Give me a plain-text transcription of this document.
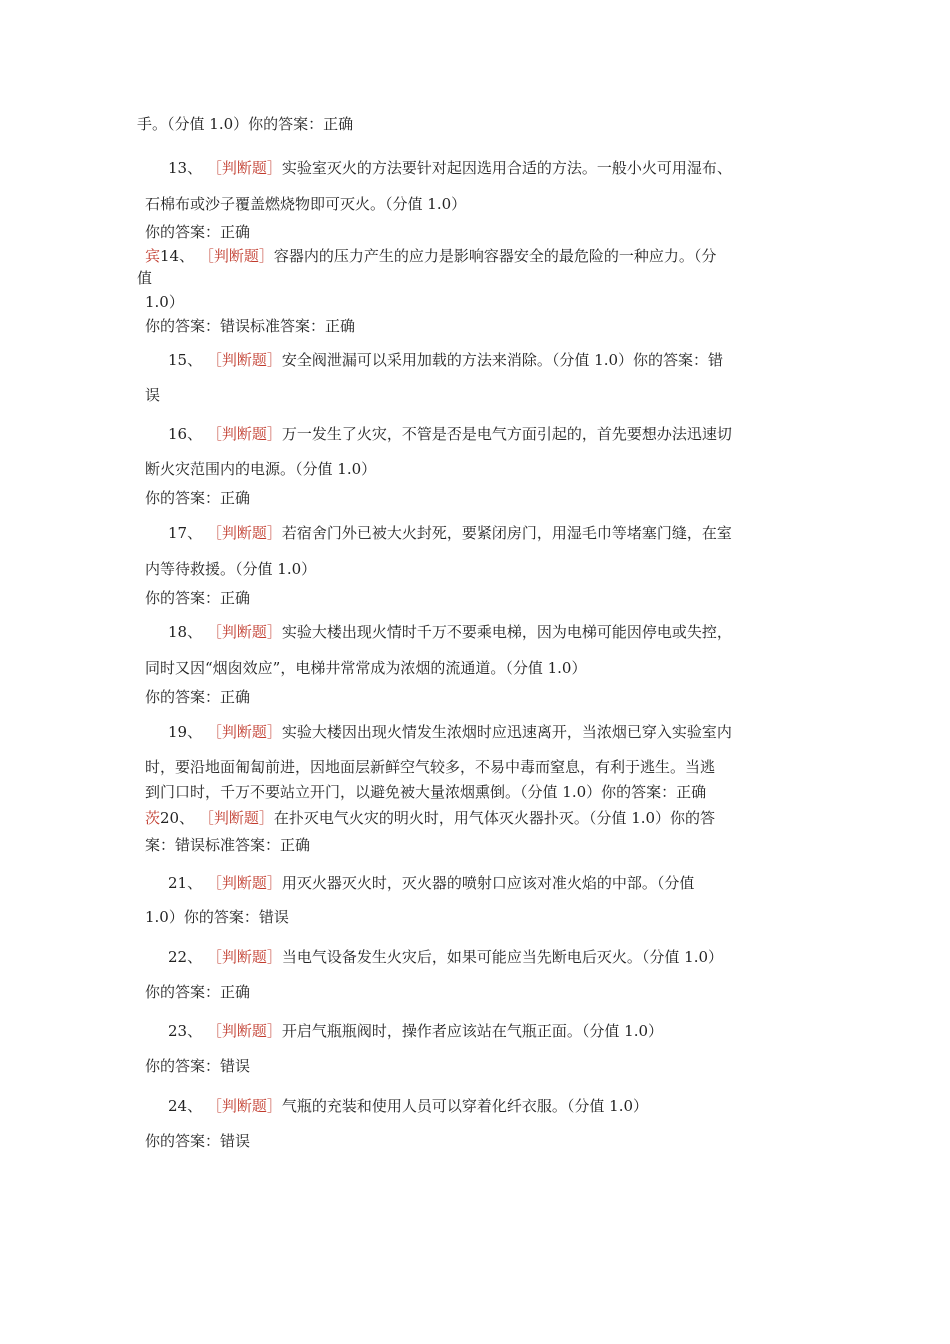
手。（分值 1.0）你的答案：正确
13、 ［判断题］实验室灭火的方法要针对起因选用合适的方法。一般小火可用湿布、
石棉布或沙子覆盖燃烧物即可灭火。（分值 1.0）
你的答案：正确
宾14、 ［判断题］容器内的压力产生的应力是影响容器安全的最危险的一种应力。（分
值
1.0）
你的答案：错误标准答案：正确
15、 ［判断题］安全阀泄漏可以采用加载的方法来消除。（分值 1.0）你的答案：错
误
16、 ［判断题］万一发生了火灾，不管是否是电气方面引起的，首先要想办法迅速切
断火灾范围内的电源。（分值 1.0）
你的答案：正确
17、 ［判断题］若宿舍门外已被大火封死，要紧闭房门，用湿毛巾等堵塞门缝，在室
内等待救援。（分值 1.0）
你的答案：正确
18、 ［判断题］实验大楼出现火情时千万不要乘电梯，因为电梯可能因停电或失控，
同时又因“烟囱效应”，电梯井常常成为浓烟的流通道。（分值 1.0）
你的答案：正确
19、 ［判断题］实验大楼因出现火情发生浓烟时应迅速离开，当浓烟已穿入实验室内
时，要沿地面匍匐前进，因地面层新鲜空气较多，不易中毒而窒息，有利于逃生。当逃
到门口时，千万不要站立开门，以避免被大量浓烟熏倒。（分值 1.0）你的答案：正确
茨20、 ［判断题］在扑灭电气火灾的明火时，用气体灭火器扑灭。（分值 1.0）你的答
案：错误标准答案：正确
21、 ［判断题］用灭火器灭火时，灭火器的喷射口应该对准火焰的中部。（分值
1.0）你的答案：错误
22、 ［判断题］当电气设备发生火灾后，如果可能应当先断电后灭火。（分值 1.0）
你的答案：正确
23、 ［判断题］开启气瓶瓶阀时，操作者应该站在气瓶正面。（分值 1.0）
你的答案：错误
24、 ［判断题］气瓶的充装和使用人员可以穿着化纤衣服。（分值 1.0）
你的答案：错误
